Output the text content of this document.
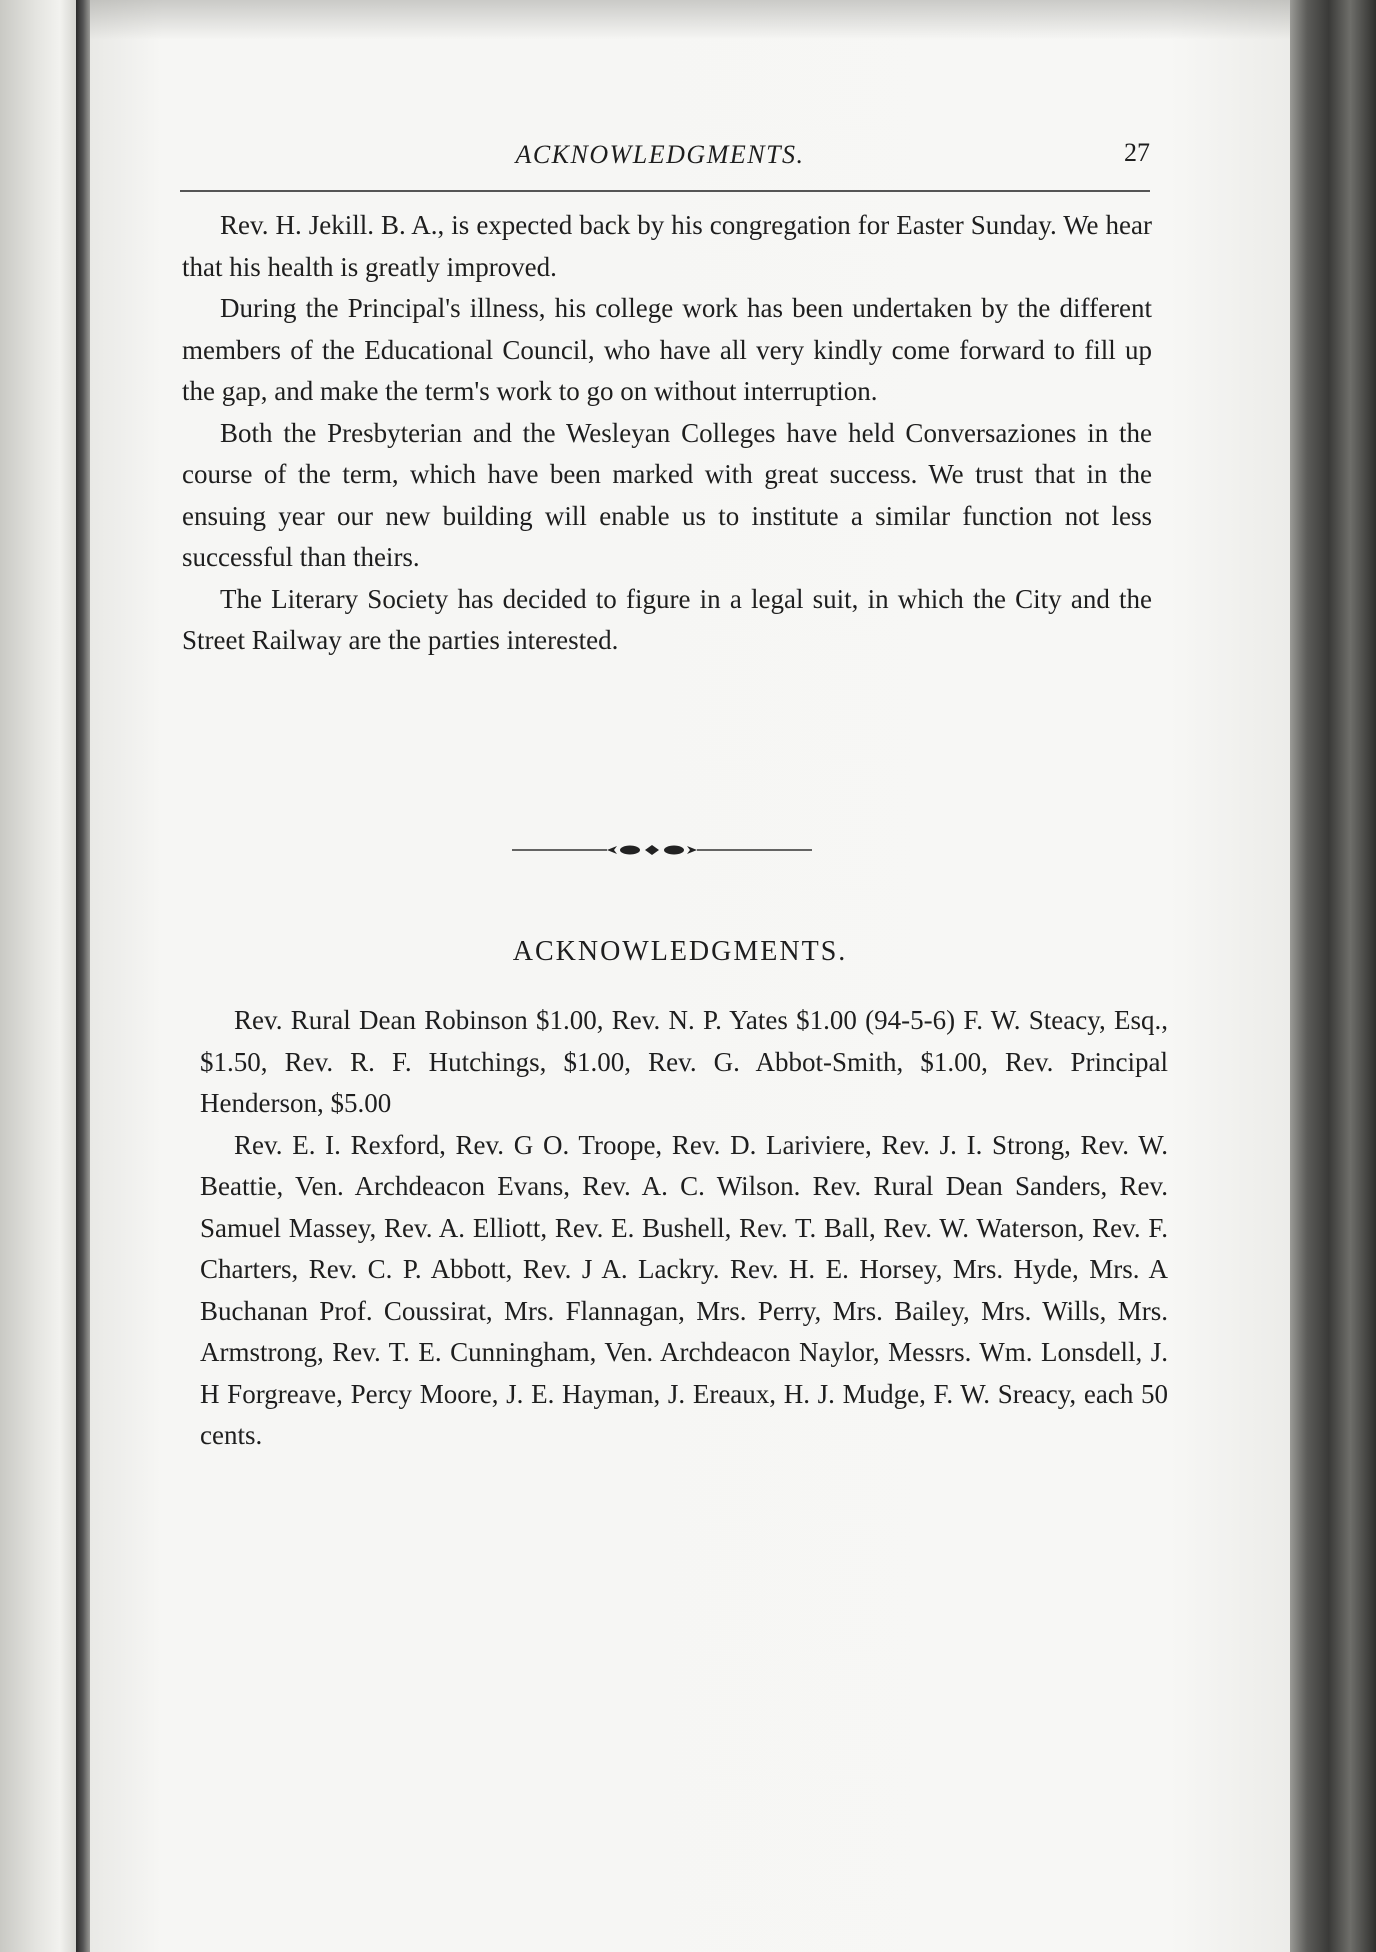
ACKNOWLEDGMENTS.	27

Rev. H. Jekill. B. A., is expected back by his congregation for Easter Sunday. We hear that his health is greatly improved.

During the Principal's illness, his college work has been undertaken by the different members of the Educational Council, who have all very kindly come forward to fill up the gap, and make the term's work to go on without interruption.

Both the Presbyterian and the Wesleyan Colleges have held Conversaziones in the course of the term, which have been marked with great success. We trust that in the ensuing year our new building will enable us to institute a similar function not less successful than theirs.

The Literary Society has decided to figure in a legal suit, in which the City and the Street Railway are the parties interested.

ACKNOWLEDGMENTS.

Rev. Rural Dean Robinson $1.00, Rev. N. P. Yates $1.00 (94-5-6) F. W. Steacy, Esq., $1.50, Rev. R. F. Hutchings, $1.00, Rev. G. Abbot-Smith, $1.00, Rev. Principal Henderson, $5.00

Rev. E. I. Rexford, Rev. G O. Troope, Rev. D. Lariviere, Rev. J. I. Strong, Rev. W. Beattie, Ven. Archdeacon Evans, Rev. A. C. Wilson. Rev. Rural Dean Sanders, Rev. Samuel Massey, Rev. A. Elliott, Rev. E. Bushell, Rev. T. Ball, Rev. W. Waterson, Rev. F. Charters, Rev. C. P. Abbott, Rev. J A. Lackry. Rev. H. E. Horsey, Mrs. Hyde, Mrs. A Buchanan Prof. Coussirat, Mrs. Flannagan, Mrs. Perry, Mrs. Bailey, Mrs. Wills, Mrs. Armstrong, Rev. T. E. Cunningham, Ven. Archdeacon Naylor, Messrs. Wm. Lonsdell, J. H Forgreave, Percy Moore, J. E. Hayman, J. Ereaux, H. J. Mudge, F. W. Sreacy, each 50 cents.
